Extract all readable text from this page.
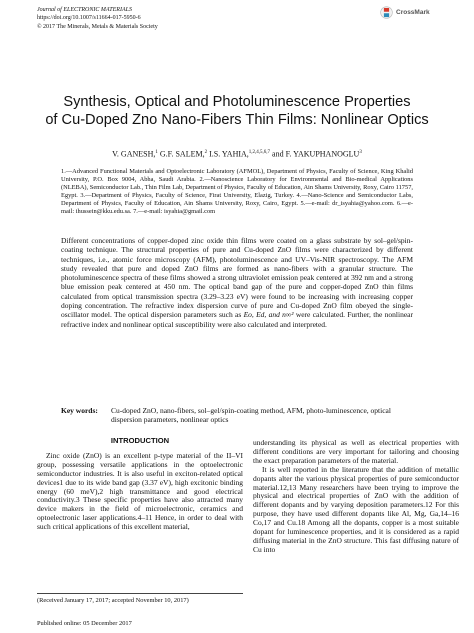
Journal of ELECTRONIC MATERIALS
https://doi.org/10.1007/s11664-017-5950-6
© 2017 The Minerals, Metals & Materials Society
CrossMark
Synthesis, Optical and Photoluminescence Properties
of Cu-Doped Zno Nano-Fibers Thin Films: Nonlinear Optics
V. GANESH,$^1$ G.F. SALEM,$^2$ I.S. YAHIA,$^{1,2,4,5,6,7}$ and F. YAKUPHANOGLU$^3$
1.—Advanced Functional Materials and Optoelectronic Laboratory (AFMOL), Department of Physics, Faculty of Science, King Khalid University, P.O. Box 9004, Abha, Saudi Arabia. 2.—Nanoscience Laboratory for Environmental and Bio-medical Applications (NLEBA), Semiconductor Lab., Thin Film Lab, Department of Physics, Faculty of Education, Ain Shams University, Roxy, Cairo 11757, Egypt. 3.—Department of Physics, Faculty of Science, Firat University, Elazig, Turkey. 4.—Nano-Science and Semiconductor Labs, Department of Physics, Faculty of Education, Ain Shams University, Roxy, Cairo, Egypt. 5.—e-mail: dr_isyahia@yahoo.com. 6.—e-mail: ihussein@kku.edu.sa. 7.—e-mail: isyahia@gmail.com
Different concentrations of copper-doped zinc oxide thin films were coated on a glass substrate by sol–gel/spin-coating technique. The structural properties of pure and Cu-doped ZnO films were characterized by different techniques, i.e., atomic force microscopy (AFM), photoluminescence and UV–Vis-NIR spectroscopy. The AFM study revealed that pure and doped ZnO films are formed as nano-fibers with a granular structure. The photoluminescence spectra of these films showed a strong ultraviolet emission peak centered at 392 nm and a strong blue emission peak centered at 450 nm. The optical band gap of the pure and copper-doped ZnO thin films calculated from optical transmission spectra (3.29–3.23 eV) were found to be increasing with increasing copper doping concentration. The refractive index dispersion curve of pure and Cu-doped ZnO film obeyed the single-oscillator model. The optical dispersion parameters such as Eo, Ed, and n∞² were calculated. Further, the nonlinear refractive index and nonlinear optical susceptibility were also calculated and interpreted.
Key words:	Cu-doped ZnO, nano-fibers, sol–gel/spin-coating method, AFM, photo-luminescence, optical dispersion parameters, nonlinear optics
INTRODUCTION

Zinc oxide (ZnO) is an excellent p-type material of the II–VI group, possessing versatile applications in the optoelectronic semiconductor industries. It is also useful in exciton-related optical devices1 due to its wide band gap (3.37 eV), high excitonic binding energy (60 meV),2 high transmittance and good electrical conductivity.3 These specific properties have also attracted many device makers in the field of microelectronic, ceramics and optoelectronic laser applications.4–11 Hence, in order to deal with such critical applications of this excellent material,

understanding its physical as well as electrical properties with different conditions are very important for tailoring and choosing the exact preparation parameters of the material.

It is well reported in the literature that the addition of metallic dopants alter the various physical properties of pure semiconductor material.12,13 Many researchers have been trying to improve the physical and electrical properties of ZnO with the addition of different dopants and by varying deposition parameters.12 For this purpose, they have used different dopants like Al, Mg, Ga,14–16 Co,17 and Cu.18 Among all the dopants, copper is a most suitable dopant for luminescence properties, and it is considered as a rapid diffusing material in the ZnO structure. This fast diffusing nature of Cu into

(Received January 17, 2017; accepted November 10, 2017)
Published online: 05 December 2017
